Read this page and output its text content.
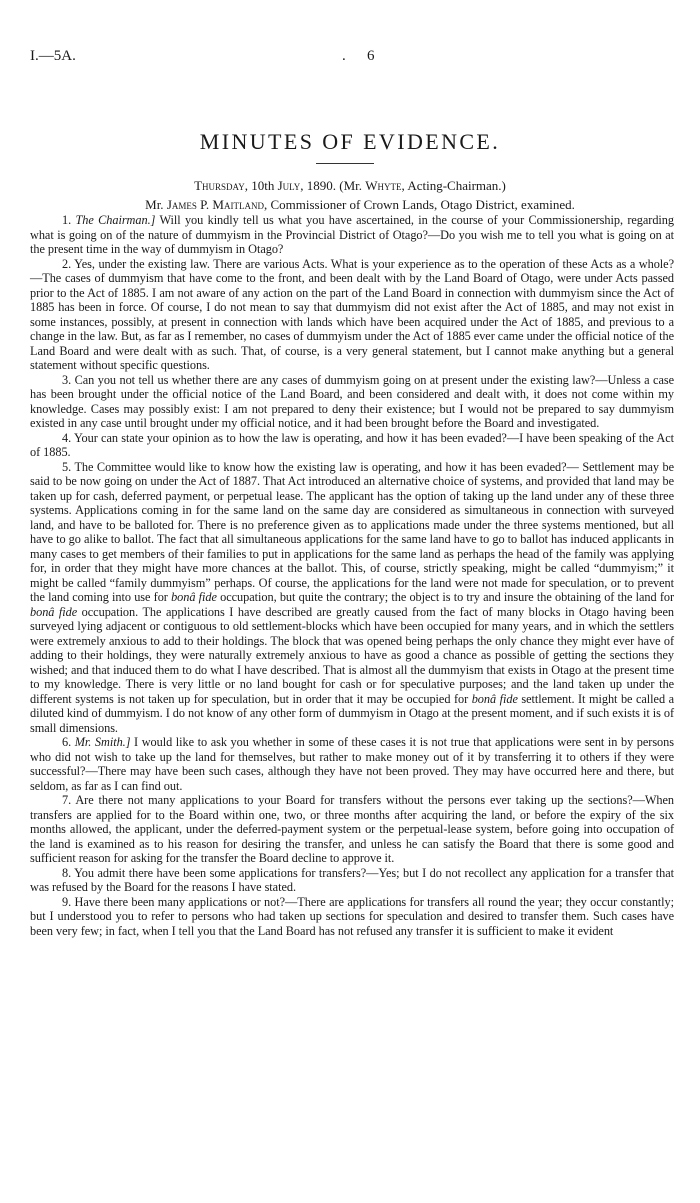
I.—5A.	. 6
MINUTES OF EVIDENCE.
Thursday, 10th July, 1890. (Mr. Whyte, Acting-Chairman.)
Mr. James P. Maitland, Commissioner of Crown Lands, Otago District, examined.

1. The Chairman.] Will you kindly tell us what you have ascertained, in the course of your Commissionership, regarding what is going on of the nature of dummyism in the Provincial District of Otago?—Do you wish me to tell you what is going on at the present time in the way of dummyism in Otago?

2. Yes, under the existing law. There are various Acts. What is your experience as to the operation of these Acts as a whole?—The cases of dummyism that have come to the front, and been dealt with by the Land Board of Otago, were under Acts passed prior to the Act of 1885. I am not aware of any action on the part of the Land Board in connection with dummyism since the Act of 1885 has been in force. Of course, I do not mean to say that dummyism did not exist after the Act of 1885, and may not exist in some instances, possibly, at present in connection with lands which have been acquired under the Act of 1885, and previous to a change in the law. But, as far as I remember, no cases of dummyism under the Act of 1885 ever came under the official notice of the Land Board and were dealt with as such. That, of course, is a very general statement, but I cannot make anything but a general statement without specific questions.

3. Can you not tell us whether there are any cases of dummyism going on at present under the existing law?—Unless a case has been brought under the official notice of the Land Board, and been considered and dealt with, it does not come within my knowledge. Cases may possibly exist: I am not prepared to deny their existence; but I would not be prepared to say dummyism existed in any case until brought under my official notice, and it had been brought before the Board and investigated.

4. Your can state your opinion as to how the law is operating, and how it has been evaded?—I have been speaking of the Act of 1885.

5. The Committee would like to know how the existing law is operating, and how it has been evaded?— Settlement may be said to be now going on under the Act of 1887. That Act introduced an alternative choice of systems, and provided that land may be taken up for cash, deferred payment, or perpetual lease. The applicant has the option of taking up the land under any of these three systems. Applications coming in for the same land on the same day are considered as simultaneous in connection with surveyed land, and have to be balloted for. There is no preference given as to applications made under the three systems mentioned, but all have to go alike to ballot. The fact that all simultaneous applications for the same land have to go to ballot has induced applicants in many cases to get members of their families to put in applications for the same land as perhaps the head of the family was applying for, in order that they might have more chances at the ballot. This, of course, strictly speaking, might be called “dummyism;” it might be called “family dummyism” perhaps. Of course, the applications for the land were not made for speculation, or to prevent the land coming into use for bonâ fide occupation, but quite the contrary; the object is to try and insure the obtaining of the land for bonâ fide occupation. The applications I have described are greatly caused from the fact of many blocks in Otago having been surveyed lying adjacent or contiguous to old settlement-blocks which have been occupied for many years, and in which the settlers were extremely anxious to add to their holdings. The block that was opened being perhaps the only chance they might ever have of adding to their holdings, they were naturally extremely anxious to have as good a chance as possible of getting the sections they wished; and that induced them to do what I have described. That is almost all the dummyism that exists in Otago at the present time to my knowledge. There is very little or no land bought for cash or for speculative purposes; and the land taken up under the different systems is not taken up for speculation, but in order that it may be occupied for bonâ fide settlement. It might be called a diluted kind of dummyism. I do not know of any other form of dummyism in Otago at the present moment, and if such exists it is of small dimensions.

6. Mr. Smith.] I would like to ask you whether in some of these cases it is not true that applications were sent in by persons who did not wish to take up the land for themselves, but rather to make money out of it by transferring it to others if they were successful?—There may have been such cases, although they have not been proved. They may have occurred here and there, but seldom, as far as I can find out.

7. Are there not many applications to your Board for transfers without the persons ever taking up the sections?—When transfers are applied for to the Board within one, two, or three months after acquiring the land, or before the expiry of the six months allowed, the applicant, under the deferred-payment system or the perpetual-lease system, before going into occupation of the land is examined as to his reason for desiring the transfer, and unless he can satisfy the Board that there is some good and sufficient reason for asking for the transfer the Board decline to approve it.

8. You admit there have been some applications for transfers?—Yes; but I do not recollect any application for a transfer that was refused by the Board for the reasons I have stated.

9. Have there been many applications or not?—There are applications for transfers all round the year; they occur constantly; but I understood you to refer to persons who had taken up sections for speculation and desired to transfer them. Such cases have been very few; in fact, when I tell you that the Land Board has not refused any transfer it is sufficient to make it evident
